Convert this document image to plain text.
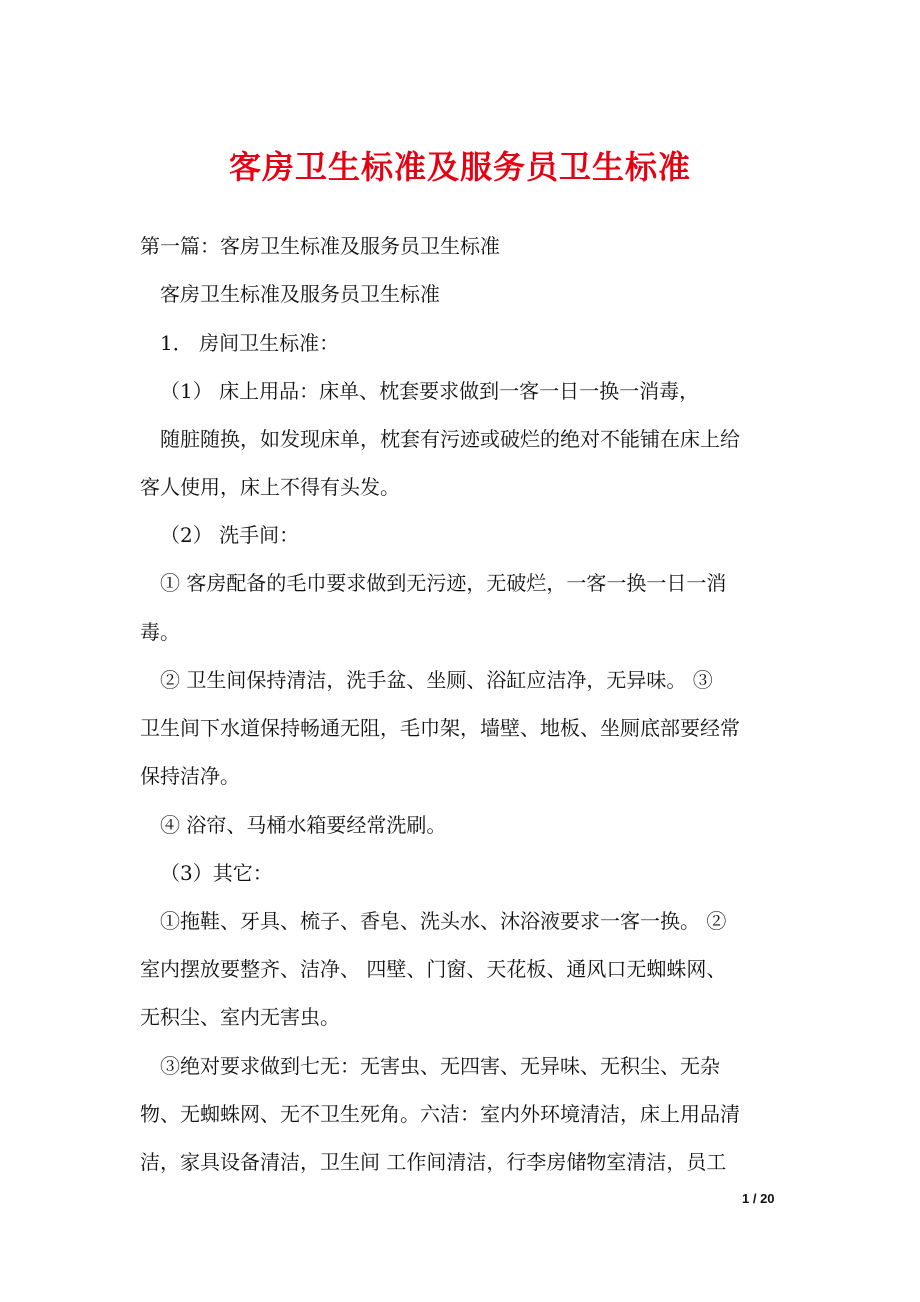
客房卫生标准及服务员卫生标准
第一篇：客房卫生标准及服务员卫生标准
客房卫生标准及服务员卫生标准
1． 房间卫生标准：
（1） 床上用品：床单、枕套要求做到一客一日一换一消毒，
随脏随换，如发现床单，枕套有污迹或破烂的绝对不能铺在床上给
客人使用，床上不得有头发。
（2） 洗手间：
① 客房配备的毛巾要求做到无污迹，无破烂，一客一换一日一消
毒。
② 卫生间保持清洁，洗手盆、坐厕、浴缸应洁净，无异味。 ③
卫生间下水道保持畅通无阻，毛巾架，墙壁、地板、坐厕底部要经常
保持洁净。
④ 浴帘、马桶水箱要经常洗刷。
（3）其它：
①拖鞋、牙具、梳子、香皂、洗头水、沐浴液要求一客一换。 ②
室内摆放要整齐、洁净、 四壁、门窗、天花板、通风口无蜘蛛网、
无积尘、室内无害虫。
③绝对要求做到七无：无害虫、无四害、无异味、无积尘、无杂
物、无蜘蛛网、无不卫生死角。六洁：室内外环境清洁，床上用品清
洁，家具设备清洁，卫生间 工作间清洁，行李房储物室清洁，员工
1 / 20
